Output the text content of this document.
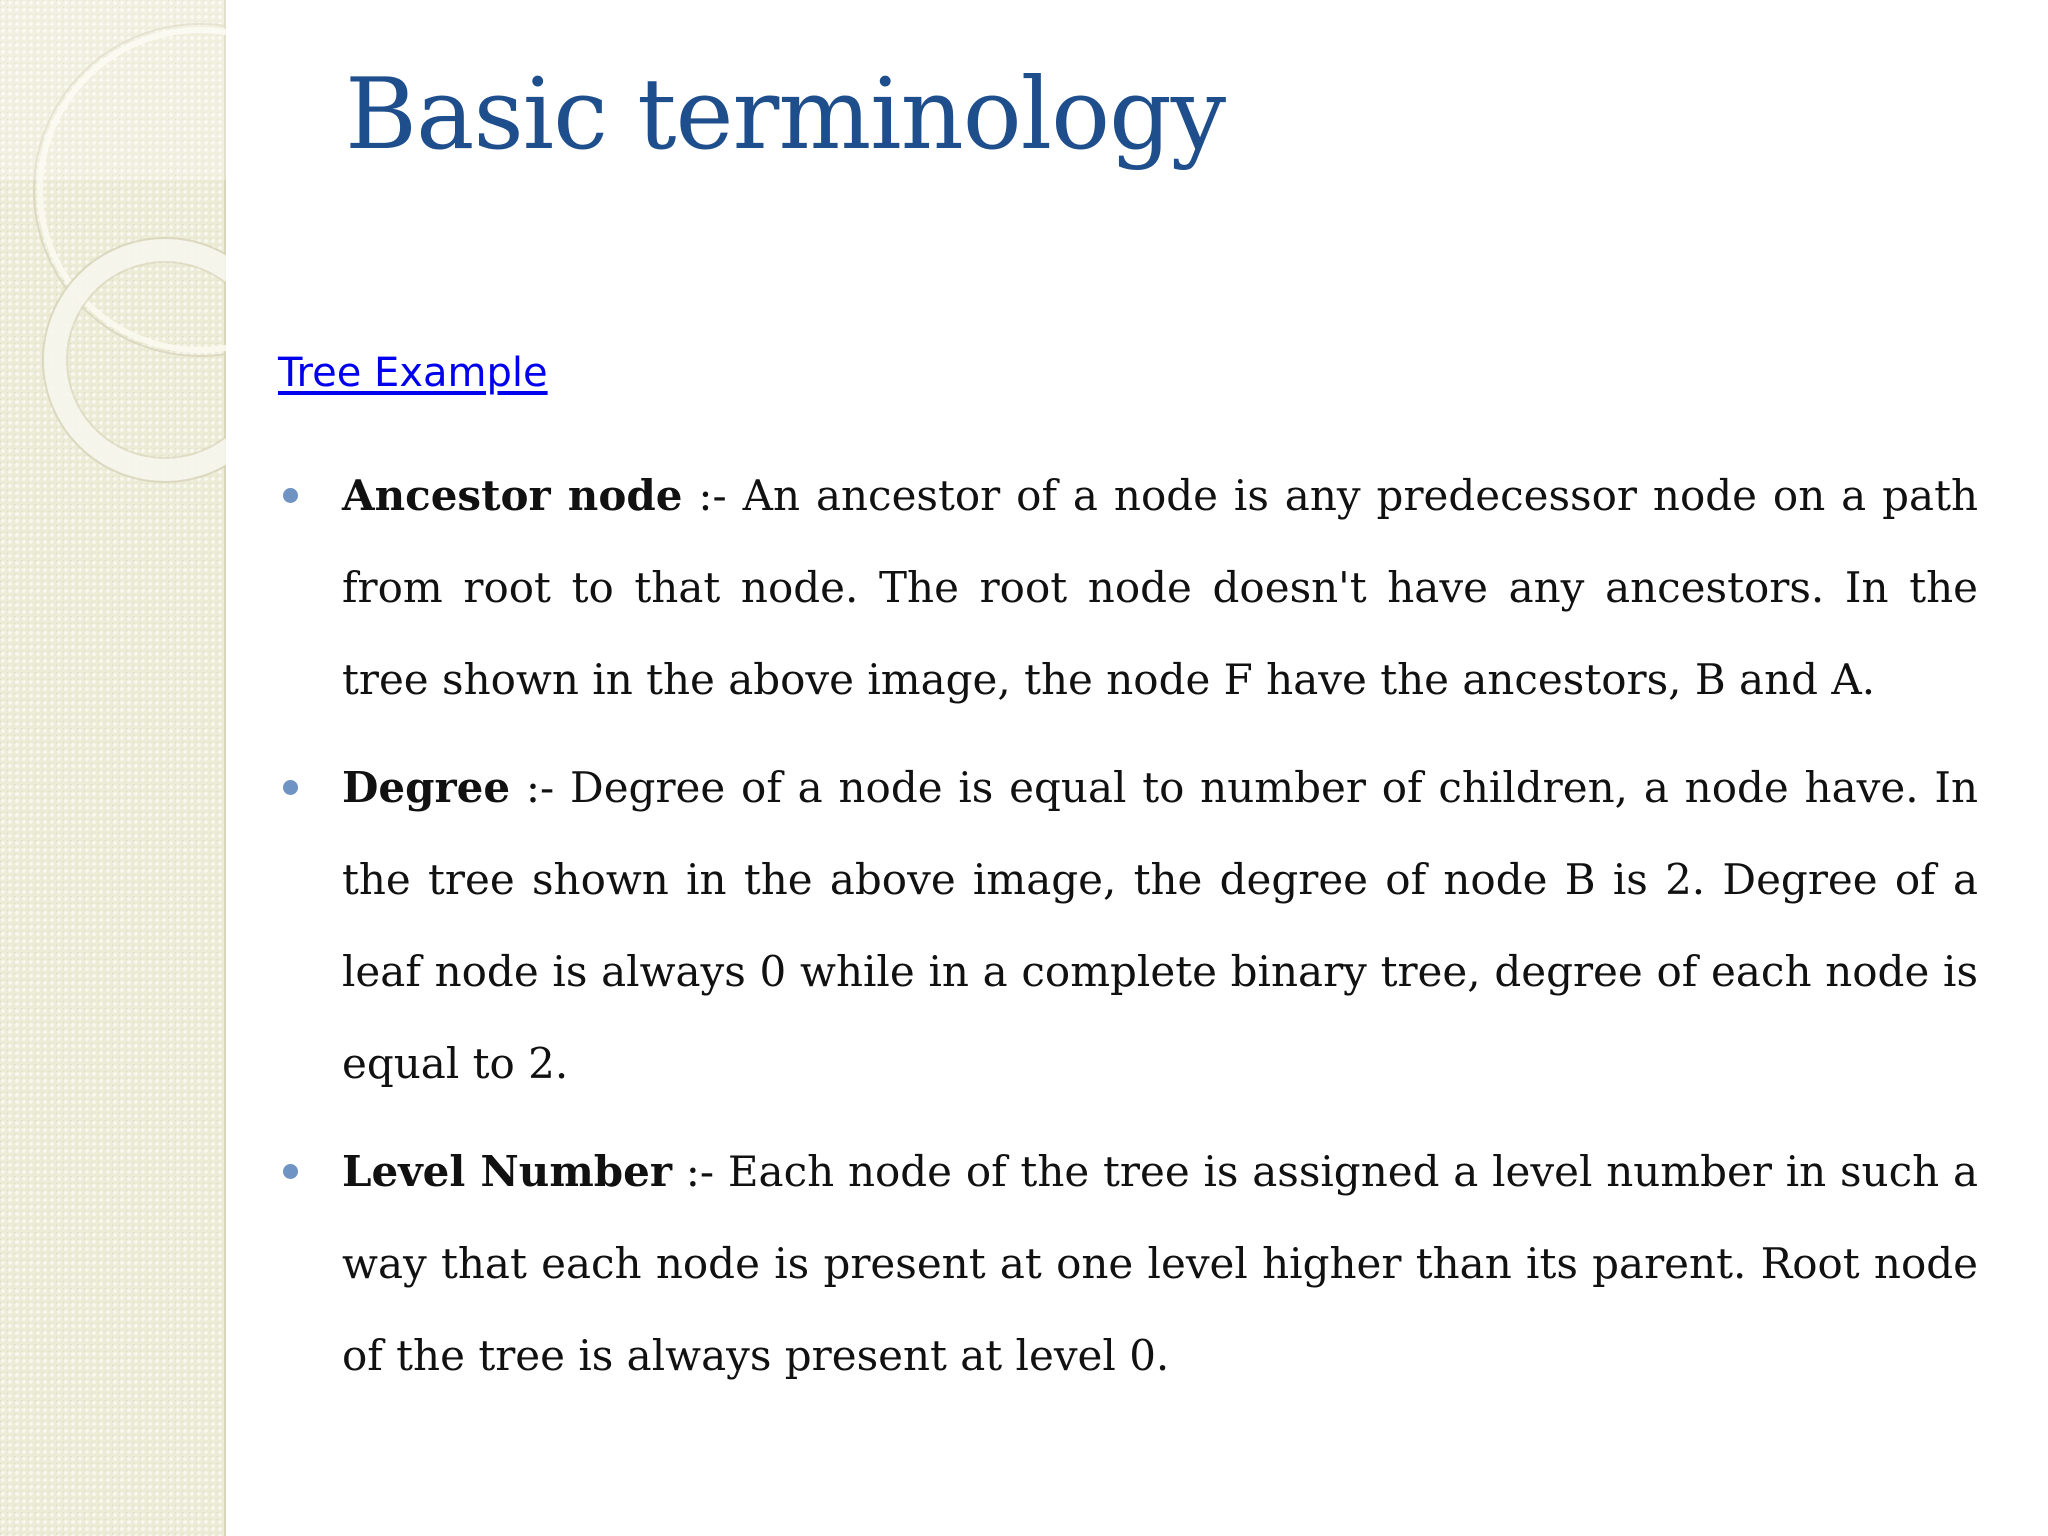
Basic terminology
Tree Example
Ancestor node :- An ancestor of a node is any predecessor node on a path from root to that node. The root node doesn't have any ancestors. In the tree shown in the above image, the node F have the ancestors, B and A.
Degree :- Degree of a node is equal to number of children, a node have. In the tree shown in the above image, the degree of node B is 2. Degree of a leaf node is always 0 while in a complete binary tree, degree of each node is equal to 2.
Level Number :- Each node of the tree is assigned a level number in such a way that each node is present at one level higher than its parent. Root node of the tree is always present at level 0.
